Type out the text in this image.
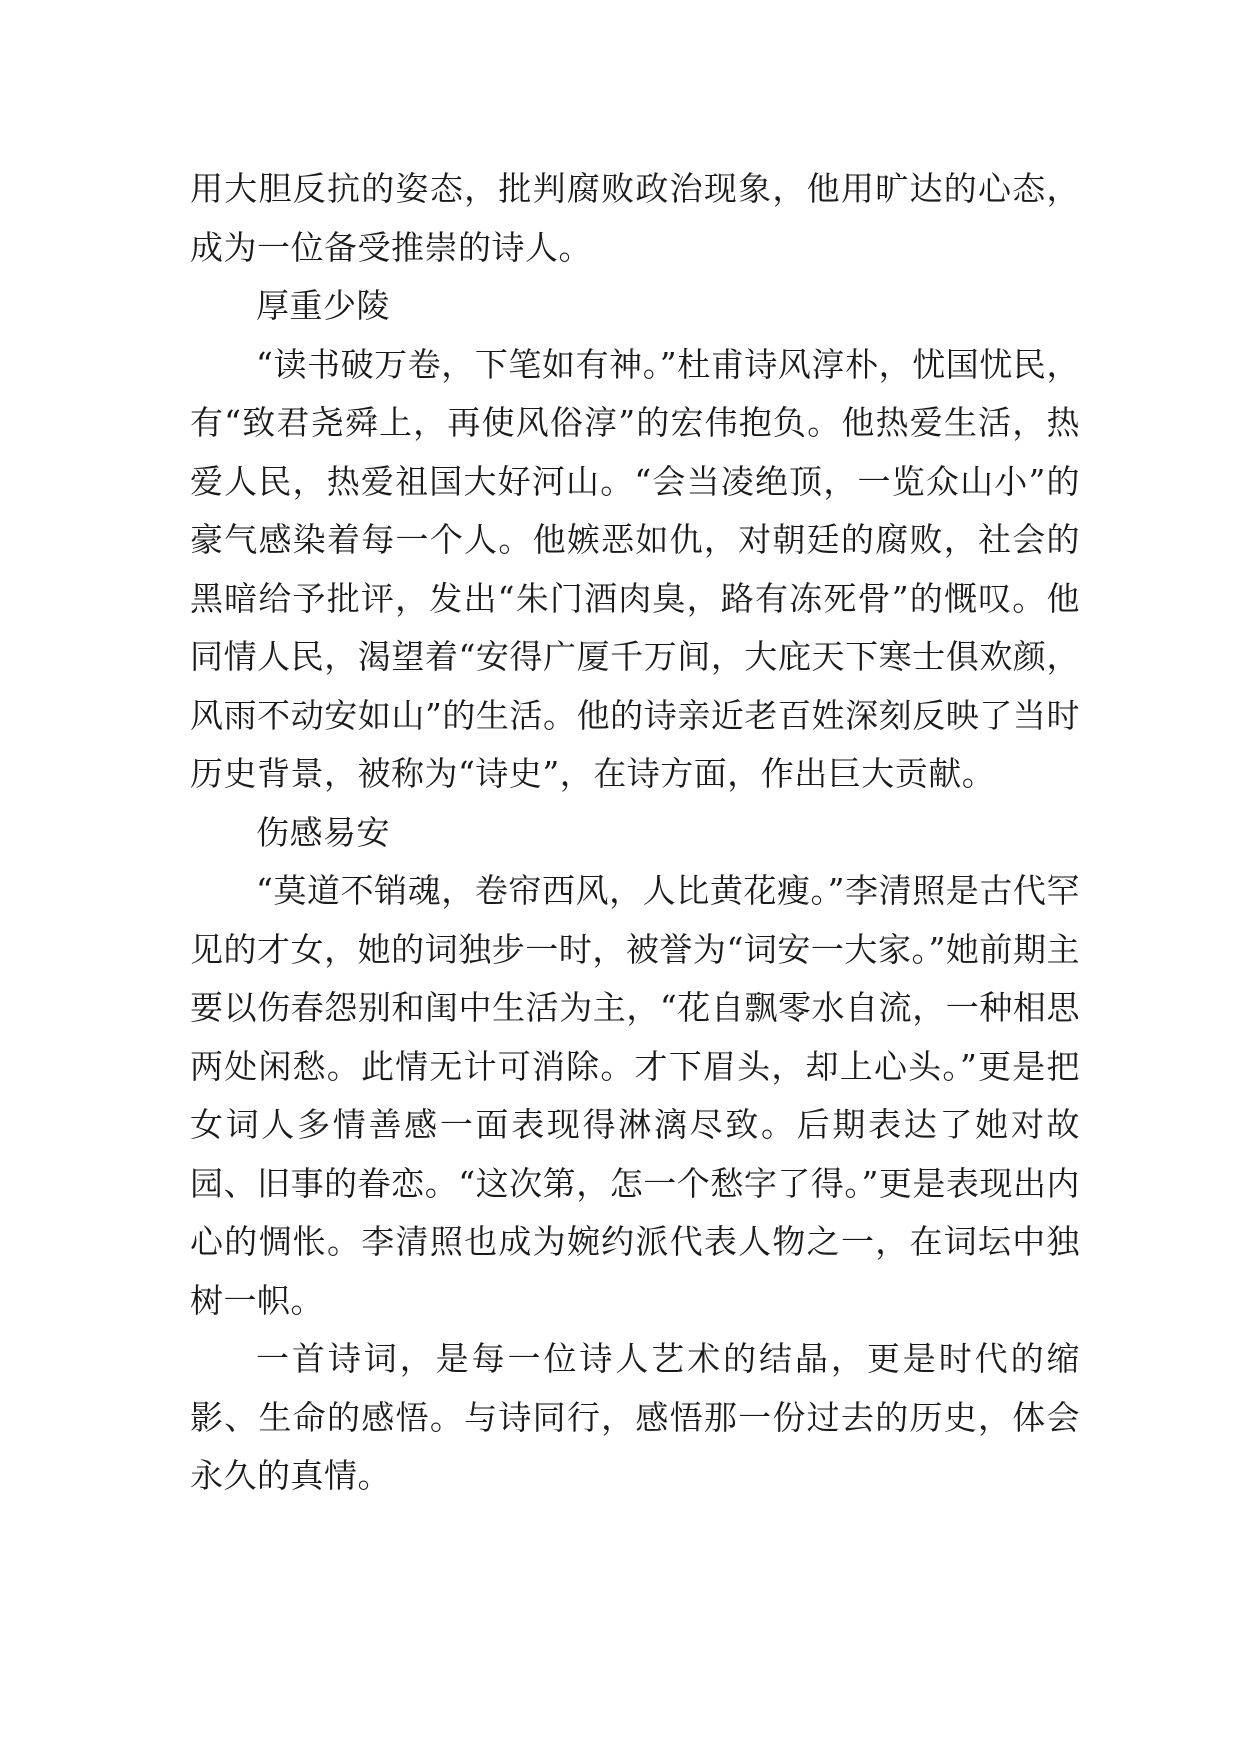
用大胆反抗的姿态，批判腐败政治现象，他用旷达的心态，成为一位备受推崇的诗人。

厚重少陵

“读书破万卷，下笔如有神。”杜甫诗风淳朴，忧国忧民，有“致君尧舜上，再使风俗淳”的宏伟抱负。他热爱生活，热爱人民，热爱祖国大好河山。“会当凌绝顶，一览众山小”的豪气感染着每一个人。他嫉恶如仇，对朝廷的腐败，社会的黑暗给予批评，发出“朱门酒肉臭，路有冻死骨”的慨叹。他同情人民，渴望着“安得广厦千万间，大庇天下寒士俱欢颜，风雨不动安如山”的生活。他的诗亲近老百姓深刻反映了当时历史背景，被称为“诗史”，在诗方面，作出巨大贡献。

伤感易安

“莫道不销魂，卷帘西风，人比黄花瘦。”李清照是古代罕见的才女，她的词独步一时，被誉为“词安一大家。”她前期主要以伤春怨别和闺中生活为主，“花自飘零水自流，一种相思两处闲愁。此情无计可消除。才下眉头，却上心头。”更是把女词人多情善感一面表现得淋漓尽致。后期表达了她对故园、旧事的眷恋。“这次第，怎一个愁字了得。”更是表现出内心的惆怅。李清照也成为婉约派代表人物之一，在词坛中独树一帜。

一首诗词，是每一位诗人艺术的结晶，更是时代的缩影、生命的感悟。与诗同行，感悟那一份过去的历史，体会永久的真情。
